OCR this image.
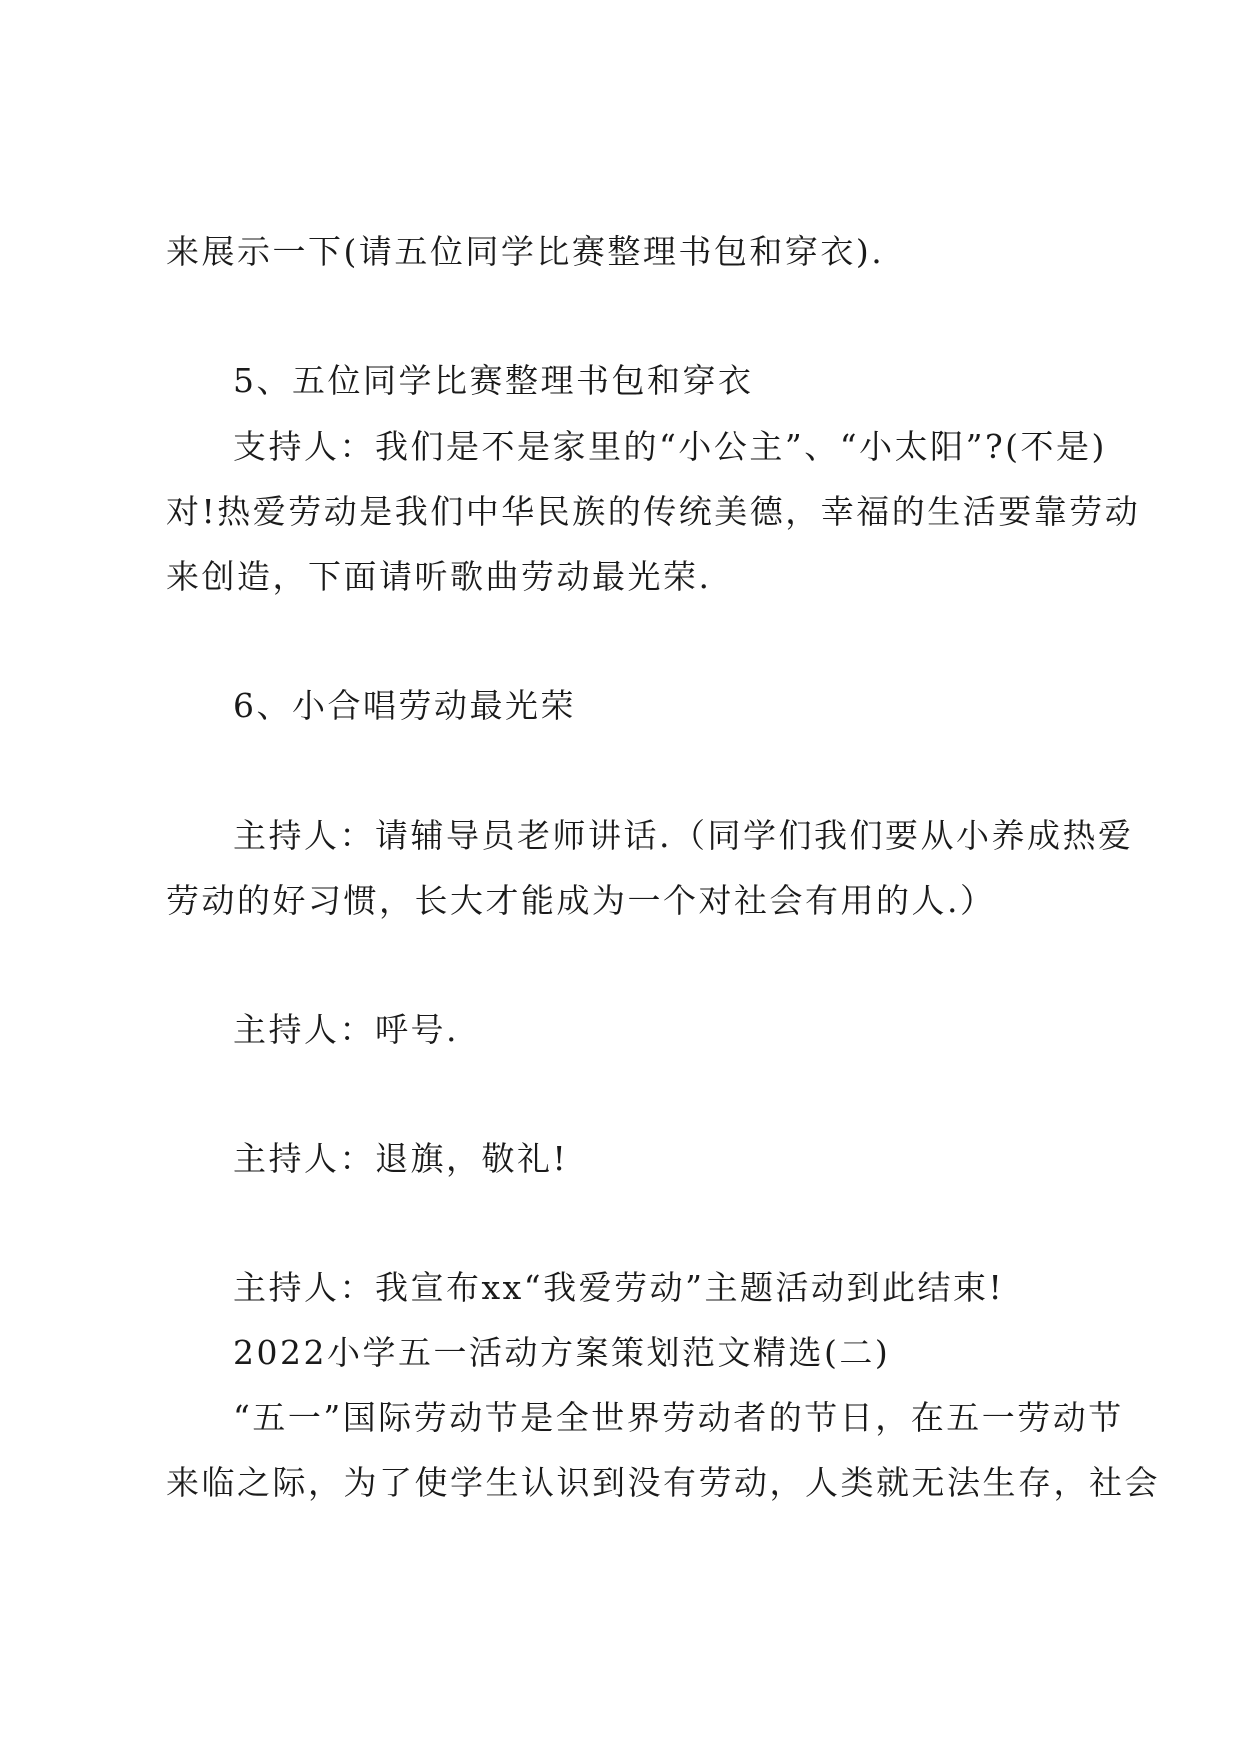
来展示一下(请五位同学比赛整理书包和穿衣).
5、五位同学比赛整理书包和穿衣
支持人：我们是不是家里的“小公主”、“小太阳”?(不是)
对!热爱劳动是我们中华民族的传统美德，幸福的生活要靠劳动
来创造，下面请听歌曲劳动最光荣.
6、小合唱劳动最光荣
主持人：请辅导员老师讲话.（同学们我们要从小养成热爱
劳动的好习惯，长大才能成为一个对社会有用的人.）
主持人：呼号.
主持人：退旗，敬礼!
主持人：我宣布xx“我爱劳动”主题活动到此结束!
2022小学五一活动方案策划范文精选(二)
“五一”国际劳动节是全世界劳动者的节日，在五一劳动节
来临之际，为了使学生认识到没有劳动，人类就无法生存，社会
